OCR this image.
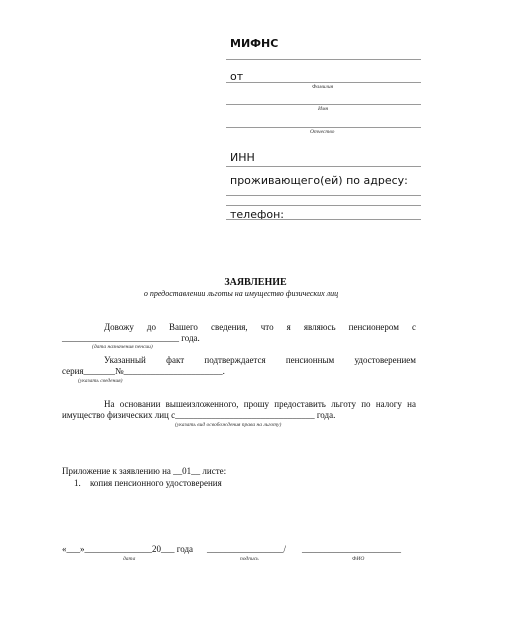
МИФНС
от
Фамилия
Имя
Отчество
ИНН
проживающего(ей) по адресу:
телефон:
ЗАЯВЛЕНИЕ
о предоставлении льготы на имущество физических лиц
Довожу до Вашего сведения, что я являюсь пенсионером с
__________________________ года.
(дата назначения пенсии)
Указанный факт подтверждается пенсионным удостоверением
серия_______№______________________.
(указать сведения)
На основании вышеизложенного, прошу предоставить льготу по налогу на
имущество физических лиц с_______________________________ года.
(указать вид освобождения права на льготу)
Приложение к заявлению на __01__ листе:
1. копия пенсионного удостоверения
«___»_______________20___ года _________________/ ______________________
дата	подпись	ФИО
